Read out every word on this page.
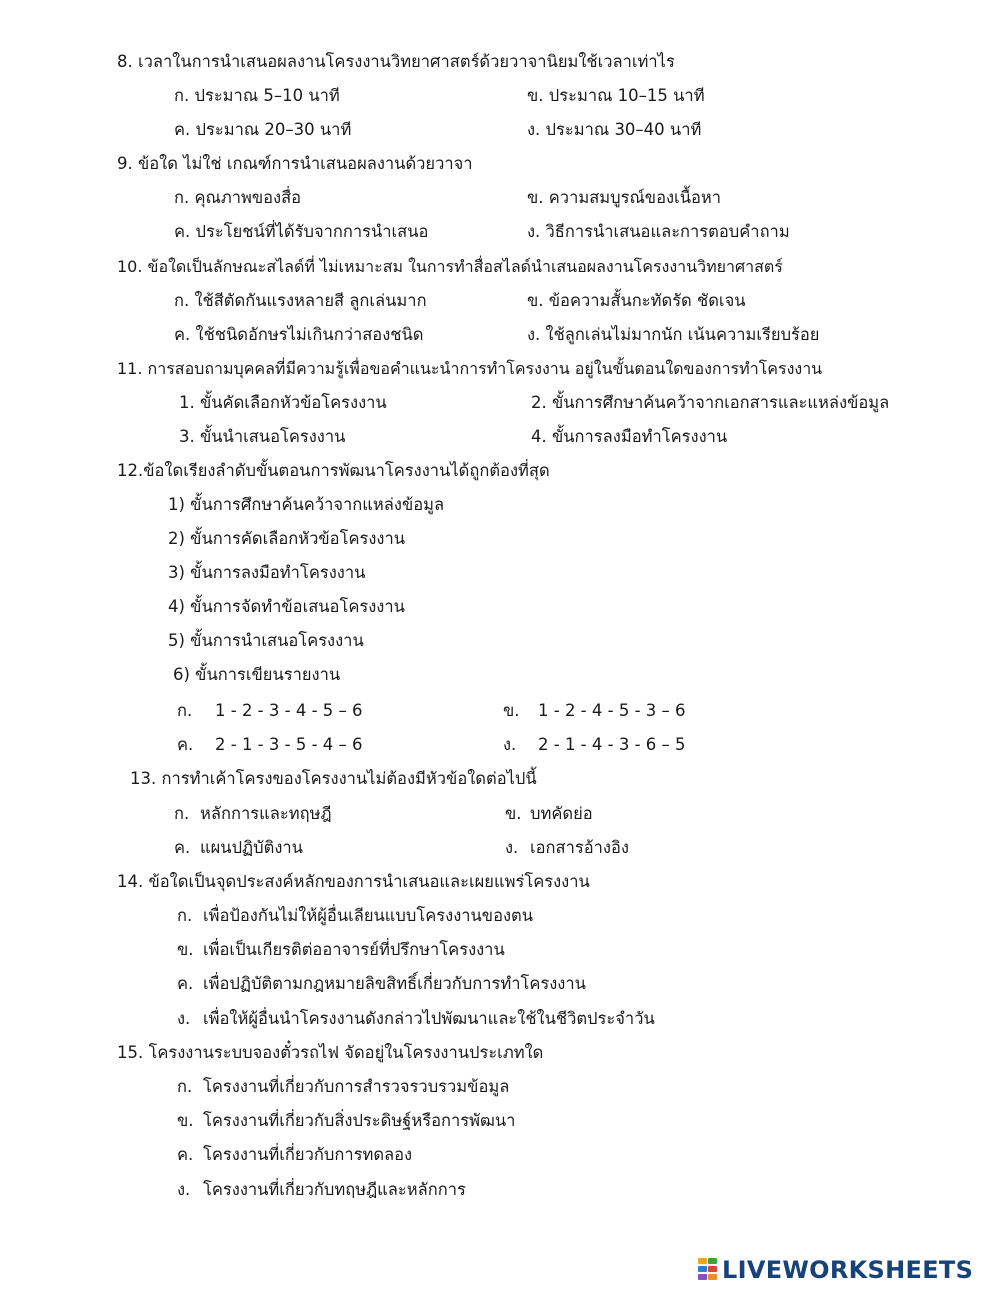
8. เวลาในการนำเสนอผลงานโครงงานวิทยาศาสตร์ด้วยวาจานิยมใช้เวลาเท่าไร
ก. ประมาณ 5–10 นาที	ข. ประมาณ 10–15 นาที
ค. ประมาณ 20–30 นาที	ง. ประมาณ 30–40 นาที
9. ข้อใด ไม่ใช่ เกณฑ์การนำเสนอผลงานด้วยวาจา
ก. คุณภาพของสื่อ	ข. ความสมบูรณ์ของเนื้อหา
ค. ประโยชน์ที่ได้รับจากการนำเสนอ	ง. วิธีการนำเสนอและการตอบคำถาม
10. ข้อใดเป็นลักษณะสไลด์ที่ ไม่เหมาะสม ในการทำสื่อสไลด์นำเสนอผลงานโครงงานวิทยาศาสตร์
ก. ใช้สีตัดกันแรงหลายสี ลูกเล่นมาก	ข. ข้อความสั้นกะทัดรัด ชัดเจน
ค. ใช้ชนิดอักษรไม่เกินกว่าสองชนิด	ง. ใช้ลูกเล่นไม่มากนัก เน้นความเรียบร้อย
11. การสอบถามบุคคลที่มีความรู้เพื่อขอคำแนะนำการทำโครงงาน อยู่ในขั้นตอนใดของการทำโครงงาน
1. ขั้นคัดเลือกหัวข้อโครงงาน	2. ขั้นการศึกษาค้นคว้าจากเอกสารและแหล่งข้อมูล
3. ขั้นนำเสนอโครงงาน	4. ขั้นการลงมือทำโครงงาน
12.ข้อใดเรียงลำดับขั้นตอนการพัฒนาโครงงานได้ถูกต้องที่สุด
1) ขั้นการศึกษาค้นคว้าจากแหล่งข้อมูล
2) ขั้นการคัดเลือกหัวข้อโครงงาน
3) ขั้นการลงมือทำโครงงาน
4) ขั้นการจัดทำข้อเสนอโครงงาน
5) ขั้นการนำเสนอโครงงาน
6) ขั้นการเขียนรายงาน
ก. 1 - 2 - 3 - 4 - 5 – 6	ข. 1 - 2 - 4 - 5 - 3 – 6
ค. 2 - 1 - 3 - 5 - 4 – 6	ง. 2 - 1 - 4 - 3 - 6 – 5
13. การทำเค้าโครงของโครงงานไม่ต้องมีหัวข้อใดต่อไปนี้
ก. หลักการและทฤษฎี	ข. บทคัดย่อ
ค. แผนปฏิบัติงาน	ง. เอกสารอ้างอิง
14. ข้อใดเป็นจุดประสงค์หลักของการนำเสนอและเผยแพร่โครงงาน
ก. เพื่อป้องกันไม่ให้ผู้อื่นเลียนแบบโครงงานของตน
ข. เพื่อเป็นเกียรติต่ออาจารย์ที่ปรึกษาโครงงาน
ค. เพื่อปฏิบัติตามกฎหมายลิขสิทธิ์เกี่ยวกับการทำโครงงาน
ง. เพื่อให้ผู้อื่นนำโครงงานดังกล่าวไปพัฒนาและใช้ในชีวิตประจำวัน
15. โครงงานระบบจองตั๋วรถไฟ จัดอยู่ในโครงงานประเภทใด
ก. โครงงานที่เกี่ยวกับการสำรวจรวบรวมข้อมูล
ข. โครงงานที่เกี่ยวกับสิ่งประดิษฐ์หรือการพัฒนา
ค. โครงงานที่เกี่ยวกับการทดลอง
ง. โครงงานที่เกี่ยวกับทฤษฎีและหลักการ
LIVEWORKSHEETS
